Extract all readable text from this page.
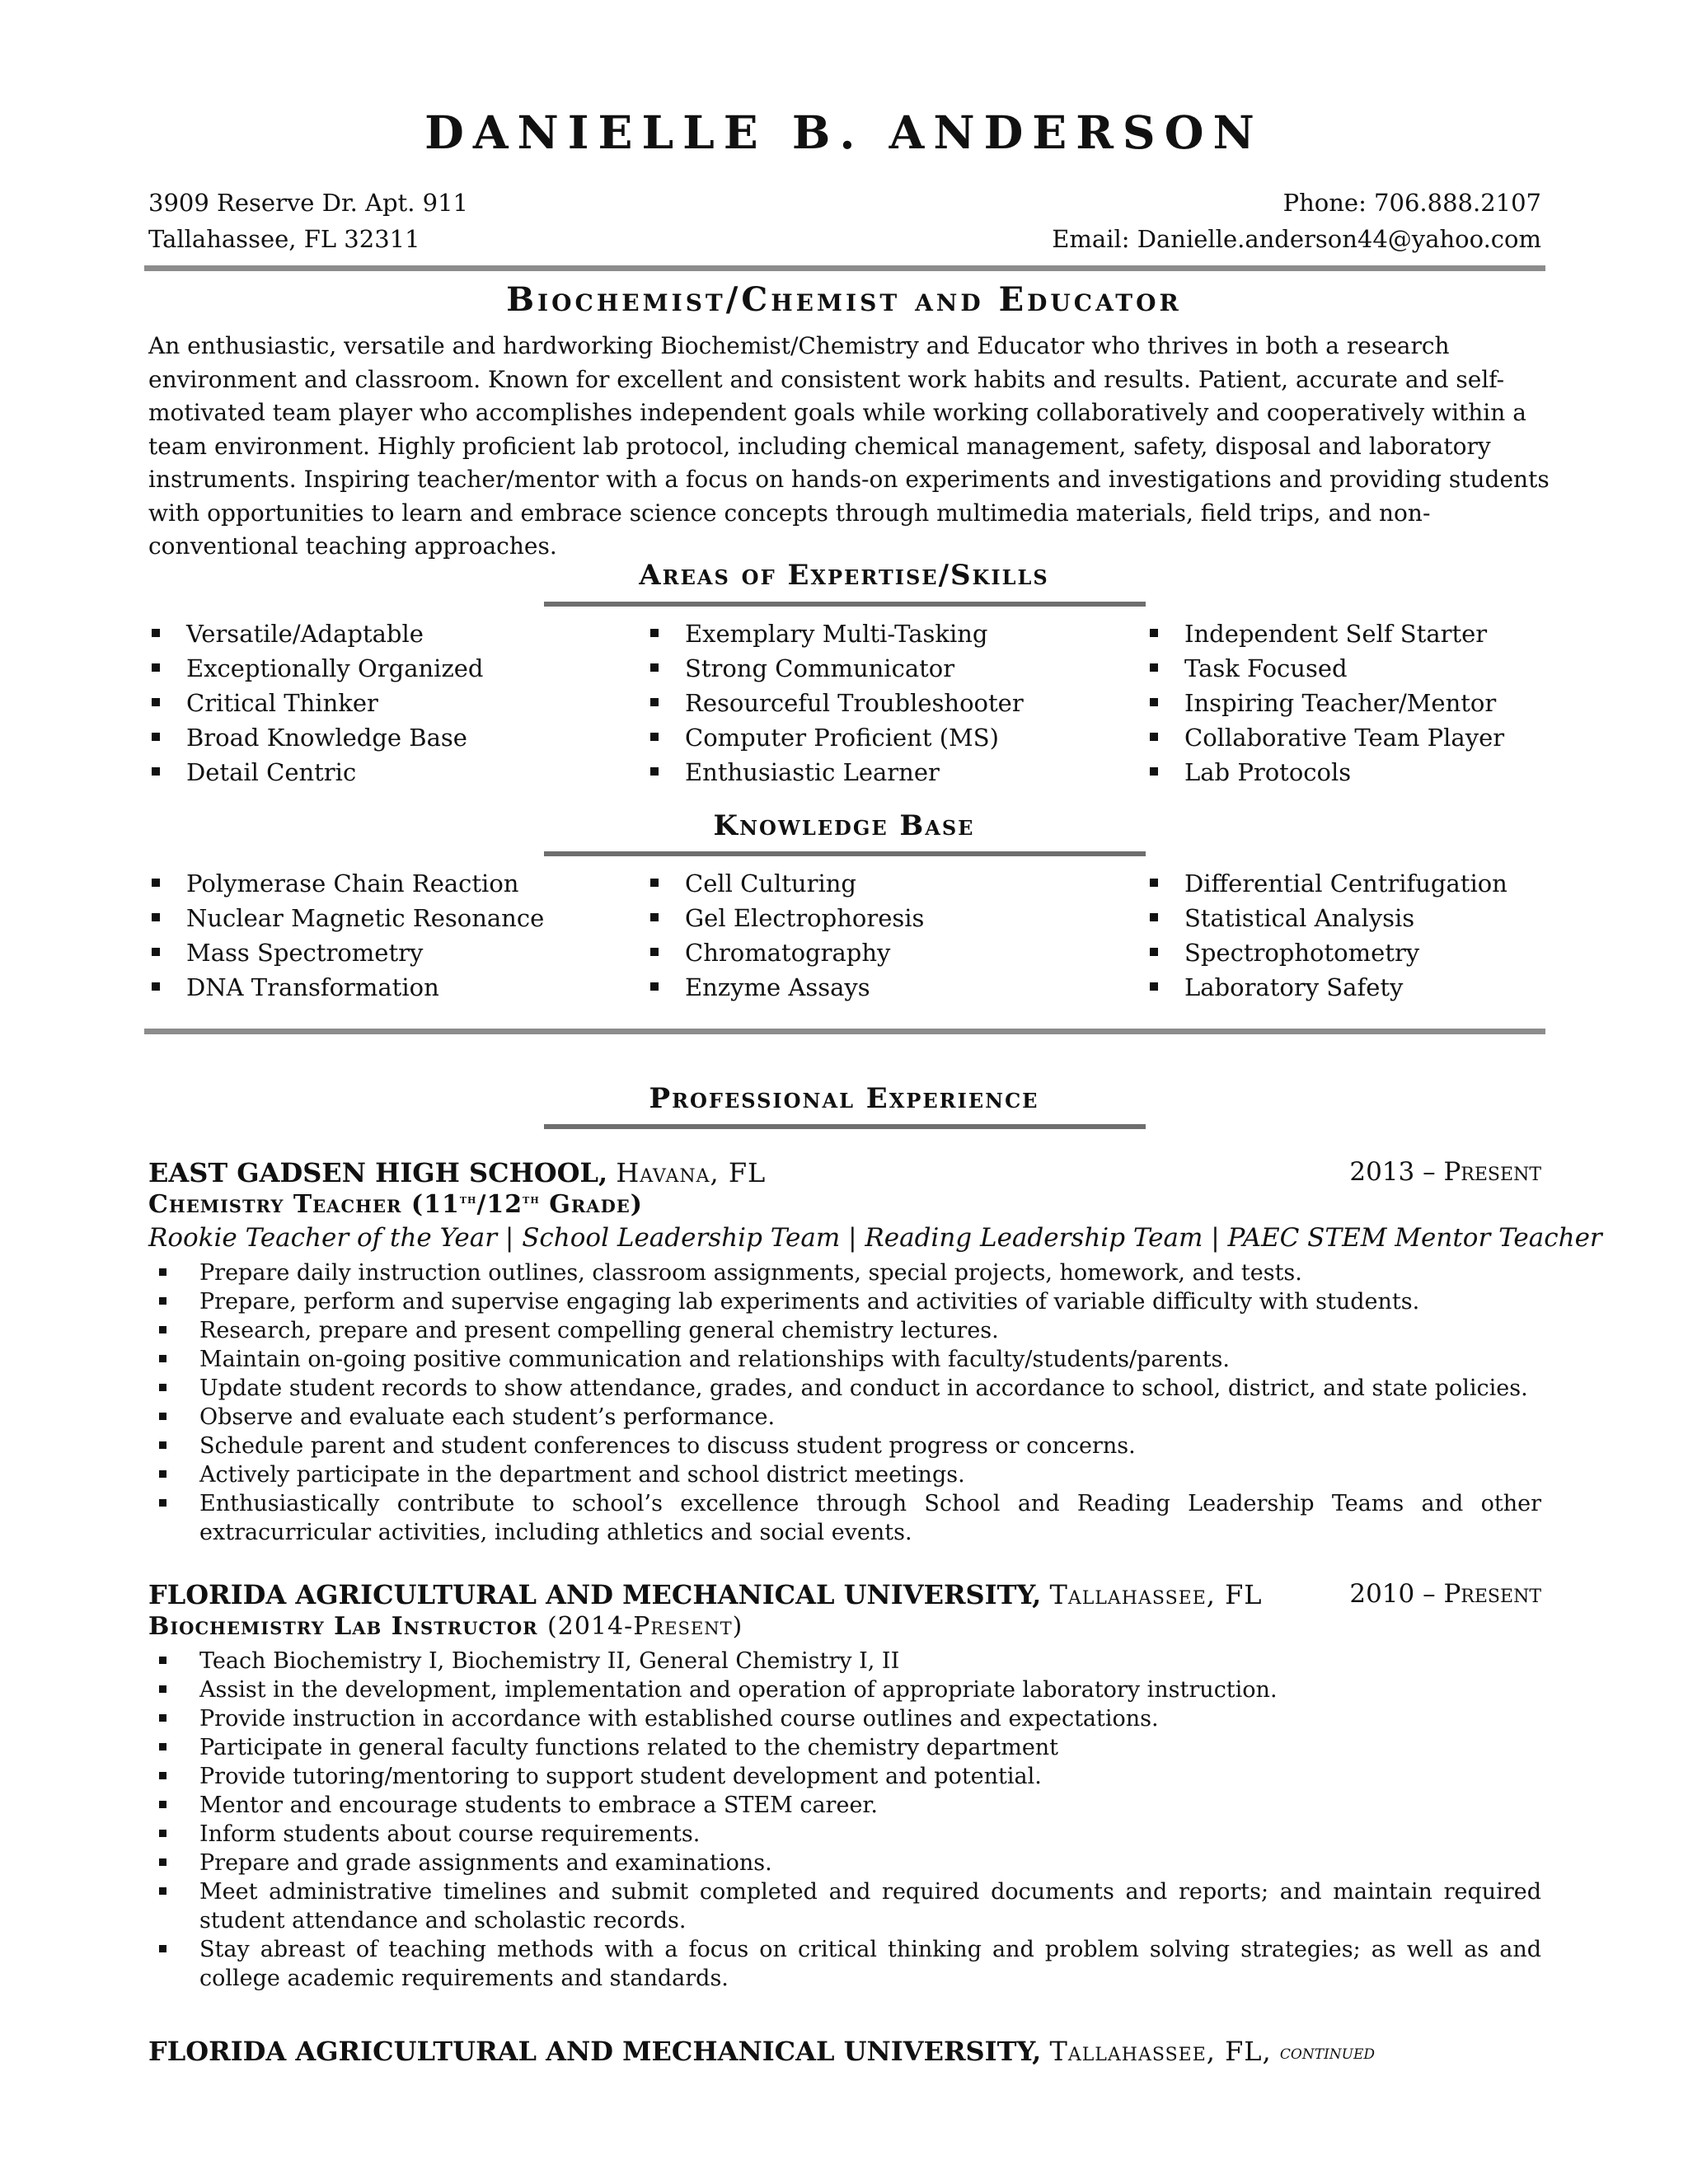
DANIELLE B. ANDERSON
3909 Reserve Dr. Apt. 911	Phone: 706.888.2107
Tallahassee, FL 32311	Email: Danielle.anderson44@yahoo.com
Biochemist/Chemist and Educator
An enthusiastic, versatile and hardworking Biochemist/Chemistry and Educator who thrives in both a research environment and classroom. Known for excellent and consistent work habits and results. Patient, accurate and self-motivated team player who accomplishes independent goals while working collaboratively and cooperatively within a team environment. Highly proficient lab protocol, including chemical management, safety, disposal and laboratory instruments. Inspiring teacher/mentor with a focus on hands-on experiments and investigations and providing students with opportunities to learn and embrace science concepts through multimedia materials, field trips, and non-conventional teaching approaches.
Areas of Expertise/Skills
Versatile/Adaptable
Exceptionally Organized
Critical Thinker
Broad Knowledge Base
Detail Centric
Exemplary Multi-Tasking
Strong Communicator
Resourceful Troubleshooter
Computer Proficient (MS)
Enthusiastic Learner
Independent Self Starter
Task Focused
Inspiring Teacher/Mentor
Collaborative Team Player
Lab Protocols
Knowledge Base
Polymerase Chain Reaction
Nuclear Magnetic Resonance
Mass Spectrometry
DNA Transformation
Cell Culturing
Gel Electrophoresis
Chromatography
Enzyme Assays
Differential Centrifugation
Statistical Analysis
Spectrophotometry
Laboratory Safety
Professional Experience
EAST GADSEN HIGH SCHOOL, Havana, FL	2013 – Present
Chemistry Teacher (11th/12th Grade)
Rookie Teacher of the Year | School Leadership Team | Reading Leadership Team | PAEC STEM Mentor Teacher
Prepare daily instruction outlines, classroom assignments, special projects, homework, and tests.
Prepare, perform and supervise engaging lab experiments and activities of variable difficulty with students.
Research, prepare and present compelling general chemistry lectures.
Maintain on-going positive communication and relationships with faculty/students/parents.
Update student records to show attendance, grades, and conduct in accordance to school, district, and state policies.
Observe and evaluate each student’s performance.
Schedule parent and student conferences to discuss student progress or concerns.
Actively participate in the department and school district meetings.
Enthusiastically contribute to school’s excellence through School and Reading Leadership Teams and other extracurricular activities, including athletics and social events.
FLORIDA AGRICULTURAL AND MECHANICAL UNIVERSITY, Tallahassee, FL	2010 – Present
Biochemistry Lab Instructor (2014-Present)
Teach Biochemistry I, Biochemistry II, General Chemistry I, II
Assist in the development, implementation and operation of appropriate laboratory instruction.
Provide instruction in accordance with established course outlines and expectations.
Participate in general faculty functions related to the chemistry department
Provide tutoring/mentoring to support student development and potential.
Mentor and encourage students to embrace a STEM career.
Inform students about course requirements.
Prepare and grade assignments and examinations.
Meet administrative timelines and submit completed and required documents and reports; and maintain required student attendance and scholastic records.
Stay abreast of teaching methods with a focus on critical thinking and problem solving strategies; as well as and college academic requirements and standards.
FLORIDA AGRICULTURAL AND MECHANICAL UNIVERSITY,
Tallahassee, FL,
continued
